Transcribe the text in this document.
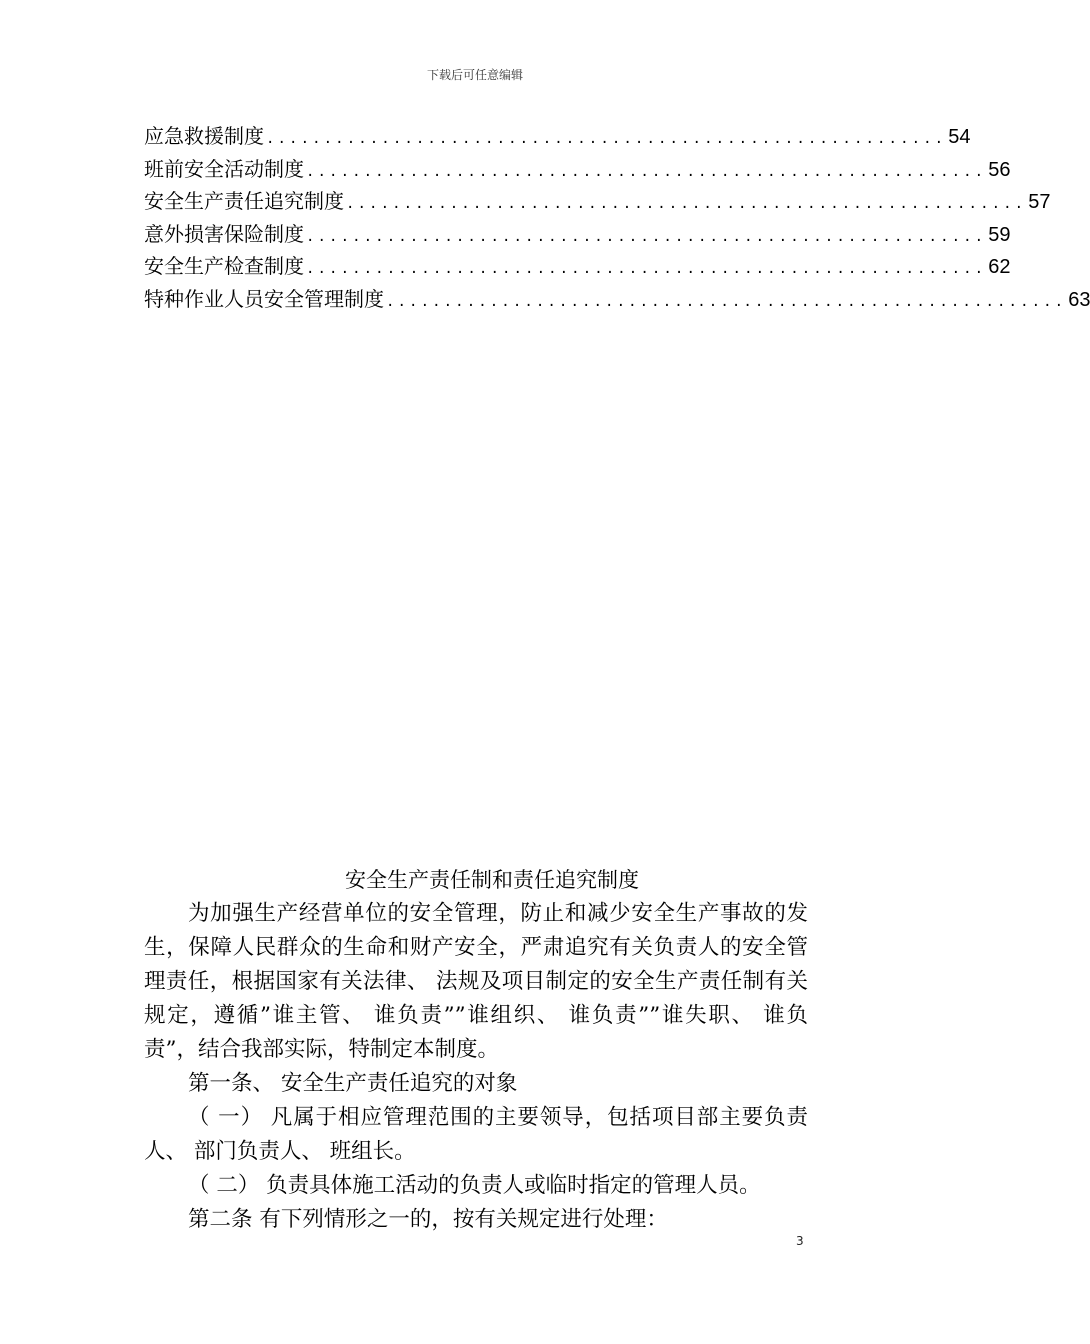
下载后可任意编辑
应急救援制度 ........................................................... 54
班前安全活动制度 ........................................................... 56
安全生产责任追究制度 ........................................................... 57
意外损害保险制度 ........................................................... 59
安全生产检查制度 ........................................................... 62
特种作业人员安全管理制度 ........................................................... 63
安全生产责任制和责任追究制度

为加强生产经营单位的安全管理，防止和减少安全生产事故的发生，保障人民群众的生命和财产安全，严肃追究有关负责人的安全管理责任，根据国家有关法律、 法规及项目制定的安全生产责任制有关规定，遵循”谁主管、 谁负责””谁组织、 谁负责””谁失职、 谁负责”，结合我部实际，特制定本制度。

第一条、 安全生产责任追究的对象

（ 一） 凡属于相应管理范围的主要领导，包括项目部主要负责人、 部门负责人、 班组长。

（ 二） 负责具体施工活动的负责人或临时指定的管理人员。

第二条 有下列情形之一的，按有关规定进行处理：

3
